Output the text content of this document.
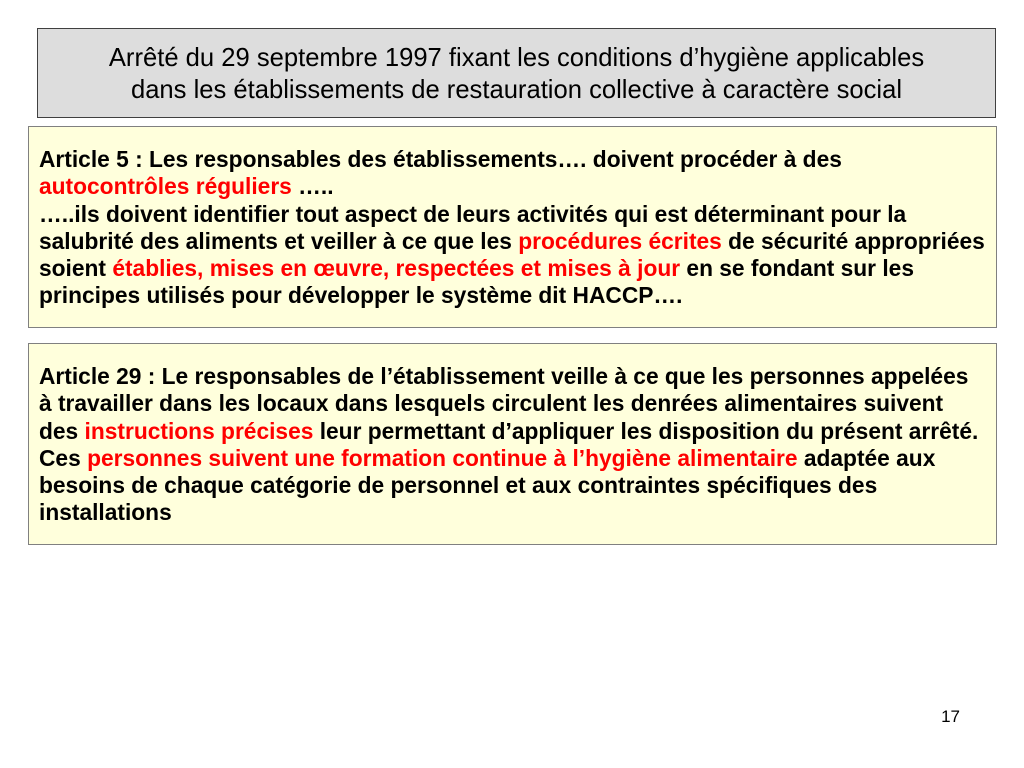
Arrêté du 29 septembre 1997 fixant les conditions d’hygiène applicables
dans les établissements de restauration collective à caractère social
Article 5 : Les responsables des établissements…. doivent procéder à des
autocontrôles réguliers …..
…..ils doivent identifier tout aspect de leurs activités qui est déterminant pour la
salubrité des aliments et veiller à ce que les procédures écrites de sécurité appropriées
soient établies, mises en œuvre, respectées et mises à jour en se fondant sur les
principes utilisés pour développer le système dit HACCP….
Article 29 : Le responsables de l’établissement veille à ce que les personnes appelées
à travailler dans les locaux dans lesquels circulent les denrées alimentaires suivent
des instructions précises leur permettant d’appliquer les disposition du présent arrêté.
Ces personnes suivent une formation continue à l’hygiène alimentaire adaptée aux
besoins de chaque catégorie de personnel et aux contraintes spécifiques des
installations
17
